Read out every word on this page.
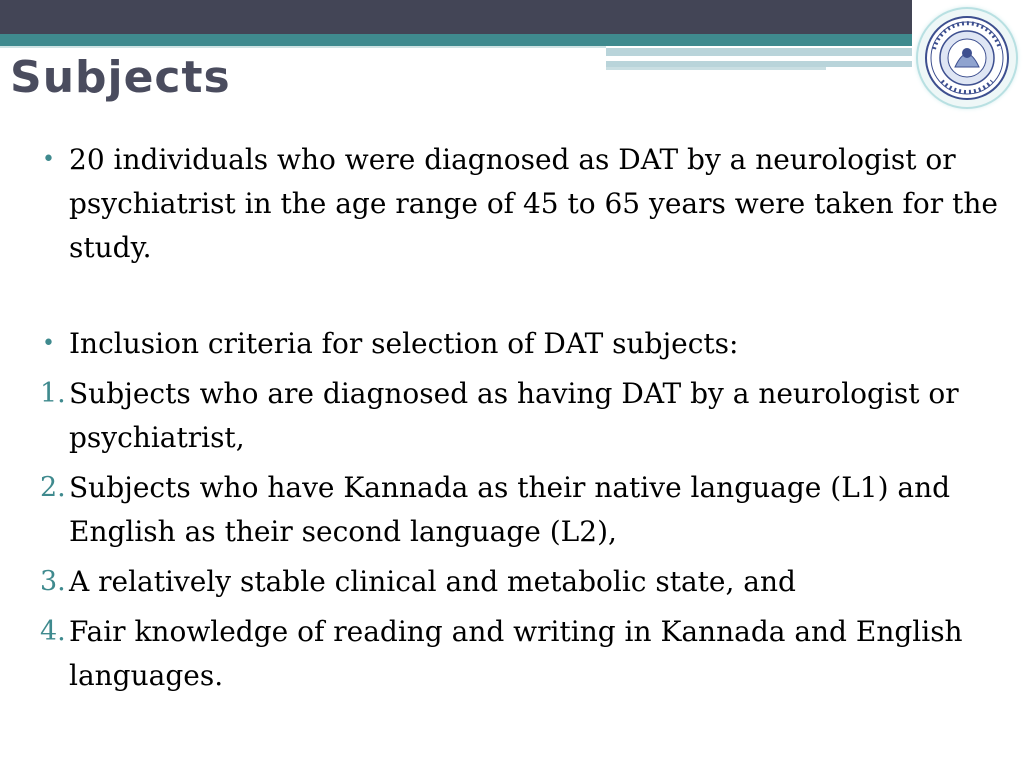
Subjects
• 20 individuals who were diagnosed as DAT by a neurologist or psychiatrist in the age range of 45 to 65 years were taken for the study.
• Inclusion criteria for selection of DAT subjects:
1. Subjects who are diagnosed as having DAT by a neurologist or psychiatrist,
2. Subjects who have Kannada as their native language (L1) and English as their second language (L2),
3. A relatively stable clinical and metabolic state, and
4. Fair knowledge of reading and writing in Kannada and English languages.
